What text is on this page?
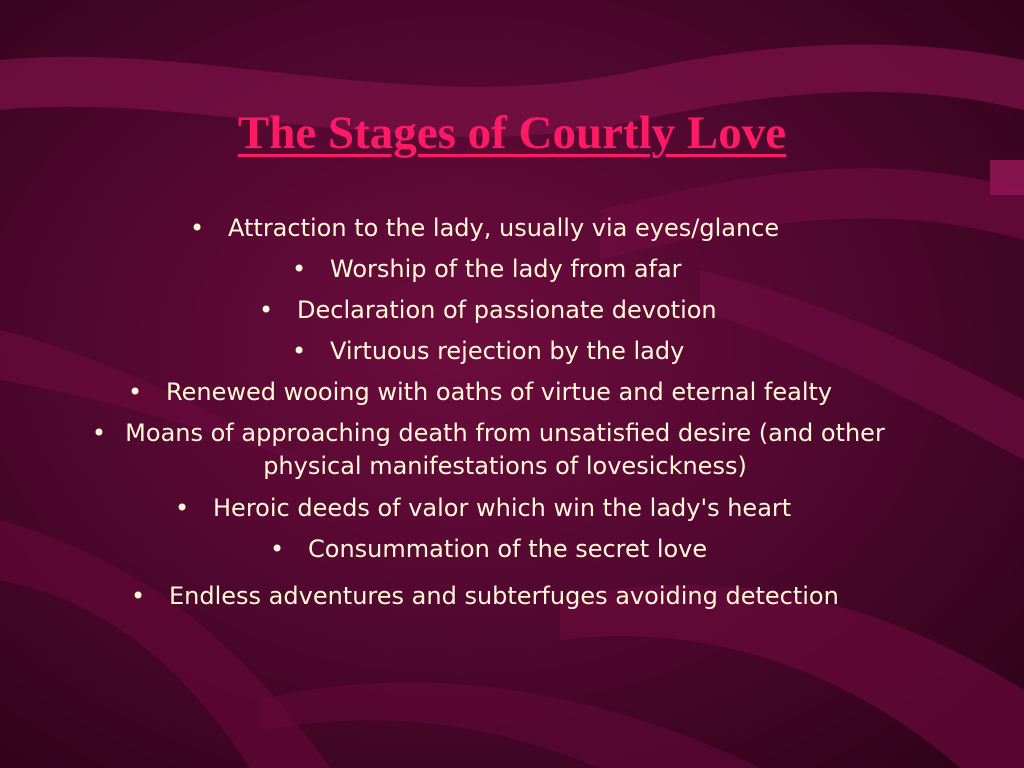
The Stages of Courtly Love
• Attraction to the lady, usually via eyes/glance
• Worship of the lady from afar
• Declaration of passionate devotion
• Virtuous rejection by the lady
• Renewed wooing with oaths of virtue and eternal fealty
• Moans of approaching death from unsatisfied desire (and other physical manifestations of lovesickness)
• Heroic deeds of valor which win the lady's heart
• Consummation of the secret love
• Endless adventures and subterfuges avoiding detection
